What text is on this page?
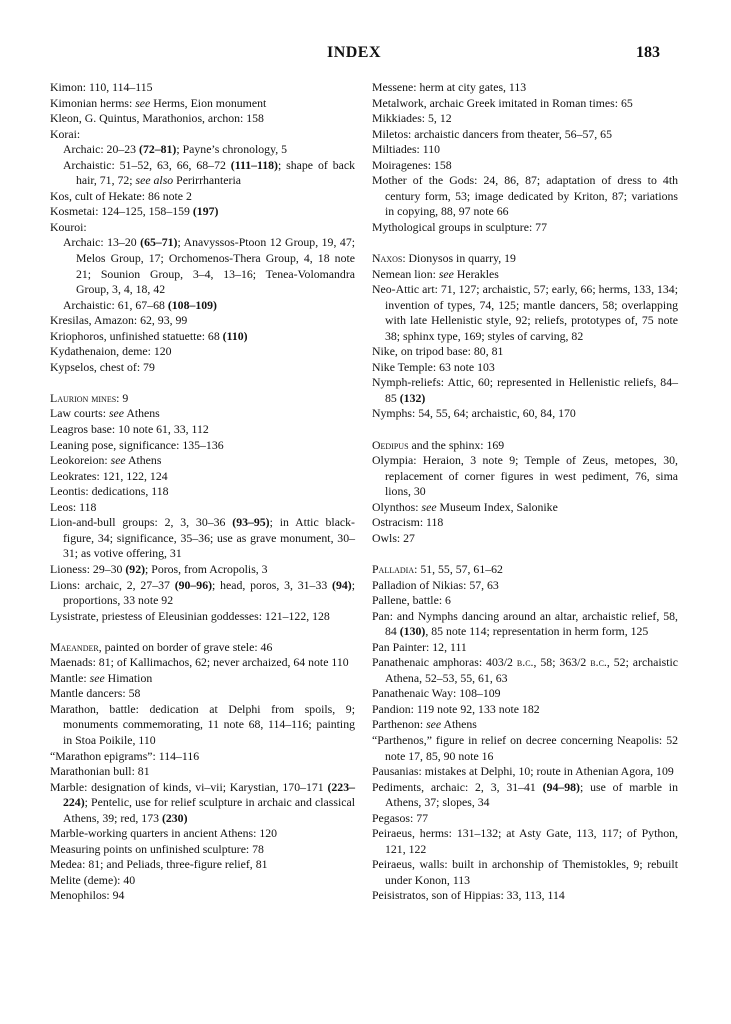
INDEX	183
Kimon: 110, 114–115
Kimonian herms: see Herms, Eion monument
Kleon, G. Quintus, Marathonios, archon: 158
Korai:
Archaic: 20–23 (72–81); Payne’s chronology, 5
Archaistic: 51–52, 63, 66, 68–72 (111–118); shape of back hair, 71, 72; see also Perirrhanteria
Kos, cult of Hekate: 86 note 2
Kosmetai: 124–125, 158–159 (197)
Kouroi:
Archaic: 13–20 (65–71); Anavyssos-Ptoon 12 Group, 19, 47; Melos Group, 17; Orchomenos-Thera Group, 4, 18 note 21; Sounion Group, 3–4, 13–16; Tenea-Volomandra Group, 3, 4, 18, 42
Archaistic: 61, 67–68 (108–109)
Kresilas, Amazon: 62, 93, 99
Kriophoros, unfinished statuette: 68 (110)
Kydathenaion, deme: 120
Kypselos, chest of: 79
Laurion mines: 9
Law courts: see Athens
Leagros base: 10 note 61, 33, 112
Leaning pose, significance: 135–136
Leokoreion: see Athens
Leokrates: 121, 122, 124
Leontis: dedications, 118
Leos: 118
Lion-and-bull groups: 2, 3, 30–36 (93–95); in Attic black-figure, 34; significance, 35–36; use as grave monument, 30–31; as votive offering, 31
Lioness: 29–30 (92); Poros, from Acropolis, 3
Lions: archaic, 2, 27–37 (90–96); head, poros, 3, 31–33 (94); proportions, 33 note 92
Lysistrate, priestess of Eleusinian goddesses: 121–122, 128
Maeander, painted on border of grave stele: 46
Maenads: 81; of Kallimachos, 62; never archaized, 64 note 110
Mantle: see Himation
Mantle dancers: 58
Marathon, battle: dedication at Delphi from spoils, 9; monuments commemorating, 11 note 68, 114–116; painting in Stoa Poikile, 110
“Marathon epigrams”: 114–116
Marathonian bull: 81
Marble: designation of kinds, vi–vii; Karystian, 170–171 (223–224); Pentelic, use for relief sculpture in archaic and classical Athens, 39; red, 173 (230)
Marble-working quarters in ancient Athens: 120
Measuring points on unfinished sculpture: 78
Medea: 81; and Peliads, three-figure relief, 81
Melite (deme): 40
Menophilos: 94
Messene: herm at city gates, 113
Metalwork, archaic Greek imitated in Roman times: 65
Mikkiades: 5, 12
Miletos: archaistic dancers from theater, 56–57, 65
Miltiades: 110
Moiragenes: 158
Mother of the Gods: 24, 86, 87; adaptation of dress to 4th century form, 53; image dedicated by Kriton, 87; variations in copying, 88, 97 note 66
Mythological groups in sculpture: 77
Naxos: Dionysos in quarry, 19
Nemean lion: see Herakles
Neo-Attic art: 71, 127; archaistic, 57; early, 66; herms, 133, 134; invention of types, 74, 125; mantle dancers, 58; overlapping with late Hellenistic style, 92; reliefs, prototypes of, 75 note 38; sphinx type, 169; styles of carving, 82
Nike, on tripod base: 80, 81
Nike Temple: 63 note 103
Nymph-reliefs: Attic, 60; represented in Hellenistic reliefs, 84–85 (132)
Nymphs: 54, 55, 64; archaistic, 60, 84, 170
Oedipus and the sphinx: 169
Olympia: Heraion, 3 note 9; Temple of Zeus, metopes, 30, replacement of corner figures in west pediment, 76, sima lions, 30
Olynthos: see Museum Index, Salonike
Ostracism: 118
Owls: 27
Palladia: 51, 55, 57, 61–62
Palladion of Nikias: 57, 63
Pallene, battle: 6
Pan: and Nymphs dancing around an altar, archaistic relief, 58, 84 (130), 85 note 114; representation in herm form, 125
Pan Painter: 12, 111
Panathenaic amphoras: 403/2 b.c., 58; 363/2 b.c., 52; archaistic Athena, 52–53, 55, 61, 63
Panathenaic Way: 108–109
Pandion: 119 note 92, 133 note 182
Parthenon: see Athens
“Parthenos,” figure in relief on decree concerning Neapolis: 52 note 17, 85, 90 note 16
Pausanias: mistakes at Delphi, 10; route in Athenian Agora, 109
Pediments, archaic: 2, 3, 31–41 (94–98); use of marble in Athens, 37; slopes, 34
Pegasos: 77
Peiraeus, herms: 131–132; at Asty Gate, 113, 117; of Python, 121, 122
Peiraeus, walls: built in archonship of Themistokles, 9; rebuilt under Konon, 113
Peisistratos, son of Hippias: 33, 113, 114
